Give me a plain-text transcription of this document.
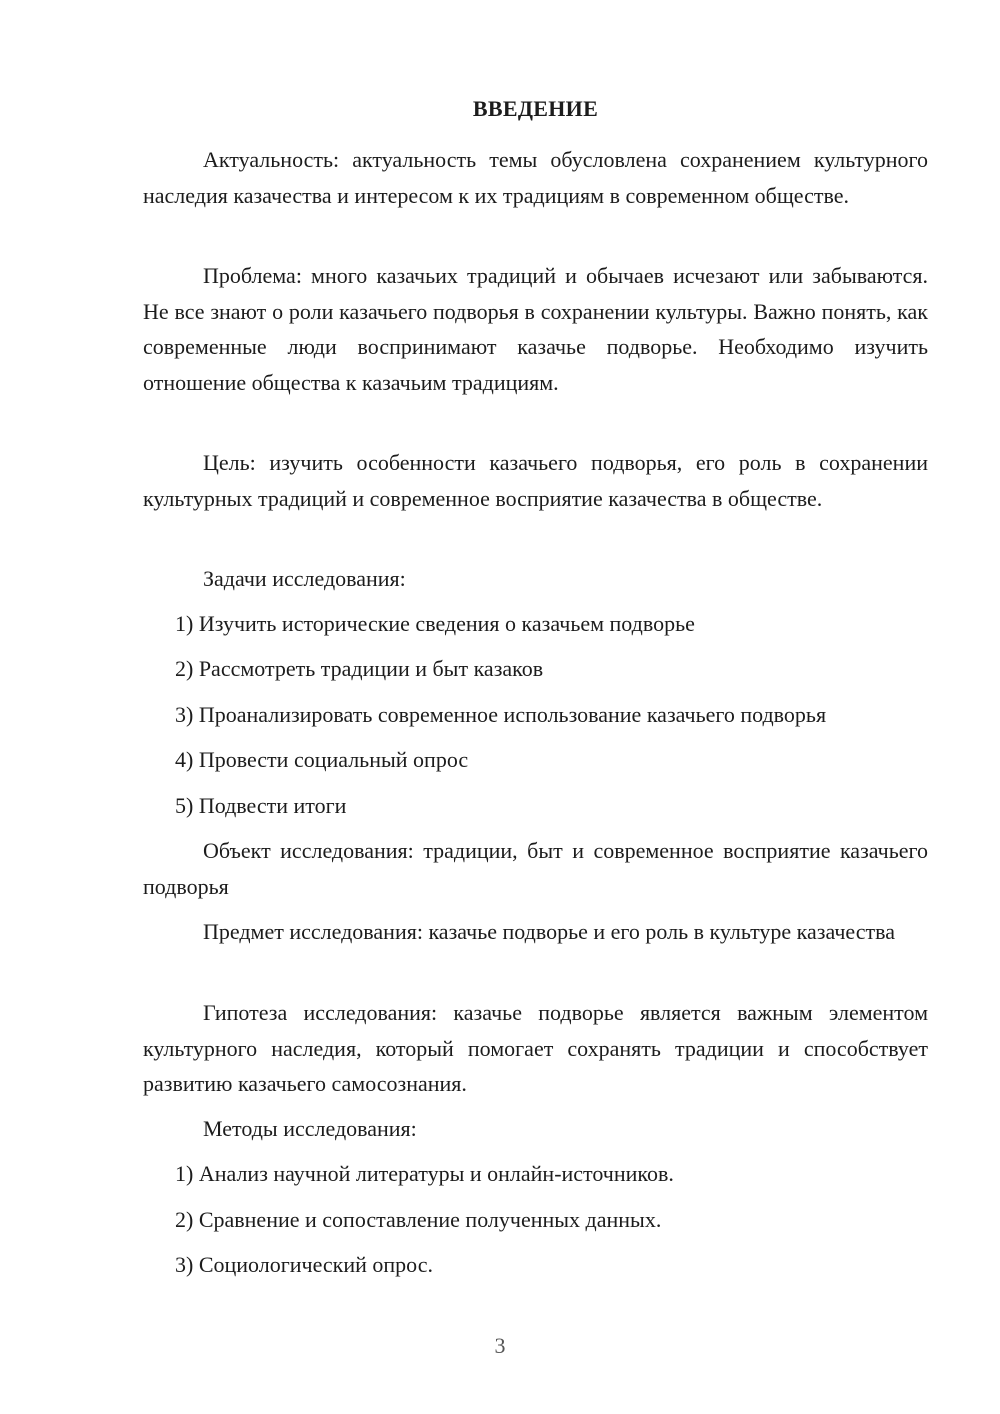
ВВЕДЕНИЕ
Актуальность: актуальность темы обусловлена сохранением культурного наследия казачества и интересом к их традициям в современном обществе.
Проблема: много казачьих традиций и обычаев исчезают или забываются. Не все знают о роли казачьего подворья в сохранении культуры. Важно понять, как современные люди воспринимают казачье подворье. Необходимо изучить отношение общества к казачьим традициям.
Цель: изучить особенности казачьего подворья, его роль в сохранении культурных традиций и современное восприятие казачества в обществе.
Задачи исследования:
1) Изучить исторические сведения о казачьем подворье
2) Рассмотреть традиции и быт казаков
3) Проанализировать современное использование казачьего подворья
4) Провести социальный опрос
5) Подвести итоги
Объект исследования: традиции, быт и современное восприятие казачьего подворья
Предмет исследования: казачье подворье и его роль в культуре казачества
Гипотеза исследования: казачье подворье является важным элементом культурного наследия, который помогает сохранять традиции и способствует развитию казачьего самосознания.
Методы исследования:
1) Анализ научной литературы и онлайн-источников.
2) Сравнение и сопоставление полученных данных.
3) Социологический опрос.
3
